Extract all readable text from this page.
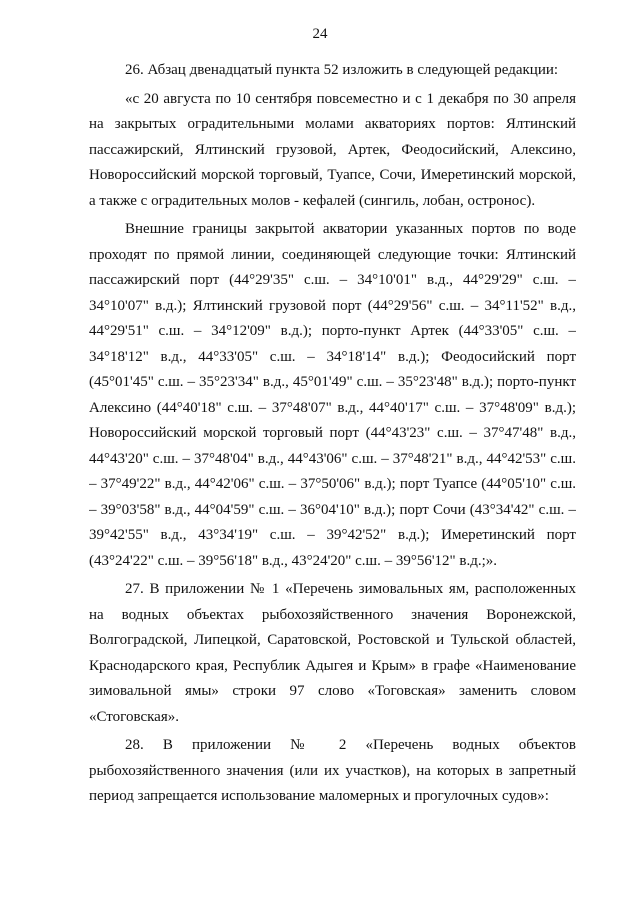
24
26. Абзац двенадцатый пункта 52 изложить в следующей редакции:
«с 20 августа по 10 сентября повсеместно и с 1 декабря по 30 апреля
на закрытых оградительными молами акваториях портов: Ялтинский
пассажирский, Ялтинский грузовой, Артек, Феодосийский, Алексино,
Новороссийский морской торговый, Туапсе, Сочи, Имеретинский морской,
а также с оградительных молов - кефалей (сингиль, лобан, остронос).
Внешние границы закрытой акватории указанных портов по воде
проходят по прямой линии, соединяющей следующие точки: Ялтинский
пассажирский порт (44°29'35" с.ш. – 34°10'01" в.д., 44°29'29" с.ш. –
34°10'07" в.д.); Ялтинский грузовой порт (44°29'56" с.ш. – 34°11'52" в.д.,
44°29'51" с.ш. – 34°12'09" в.д.); порто-пункт Артек (44°33'05" с.ш. –
34°18'12" в.д., 44°33'05" с.ш. – 34°18'14" в.д.); Феодосийский порт
(45°01'45" с.ш. – 35°23'34" в.д., 45°01'49" с.ш. – 35°23'48" в.д.); порто-пункт
Алексино (44°40'18" с.ш. – 37°48'07" в.д., 44°40'17" с.ш. – 37°48'09" в.д.);
Новороссийский морской торговый порт (44°43'23" с.ш. – 37°47'48" в.д.,
44°43'20" с.ш. – 37°48'04" в.д., 44°43'06" с.ш. – 37°48'21" в.д., 44°42'53" с.ш.
– 37°49'22" в.д., 44°42'06" с.ш. – 37°50'06" в.д.); порт Туапсе (44°05'10" с.ш.
– 39°03'58" в.д., 44°04'59" с.ш. – 36°04'10" в.д.); порт Сочи (43°34'42" с.ш. –
39°42'55" в.д., 43°34'19" с.ш. – 39°42'52" в.д.); Имеретинский порт
(43°24'22" с.ш. – 39°56'18" в.д., 43°24'20" с.ш. – 39°56'12" в.д.;».
27. В приложении № 1 «Перечень зимовальных ям, расположенных
на водных объектах рыбохозяйственного значения Воронежской,
Волгоградской, Липецкой, Саратовской, Ростовской и Тульской областей,
Краснодарского края, Республик Адыгея и Крым» в графе «Наименование
зимовальной ямы» строки 97 слово «Тоговская» заменить словом
«Стоговская».
28. В приложении № 2 «Перечень водных объектов
рыбохозяйственного значения (или их участков), на которых в запретный
период запрещается использование маломерных и прогулочных судов»:
